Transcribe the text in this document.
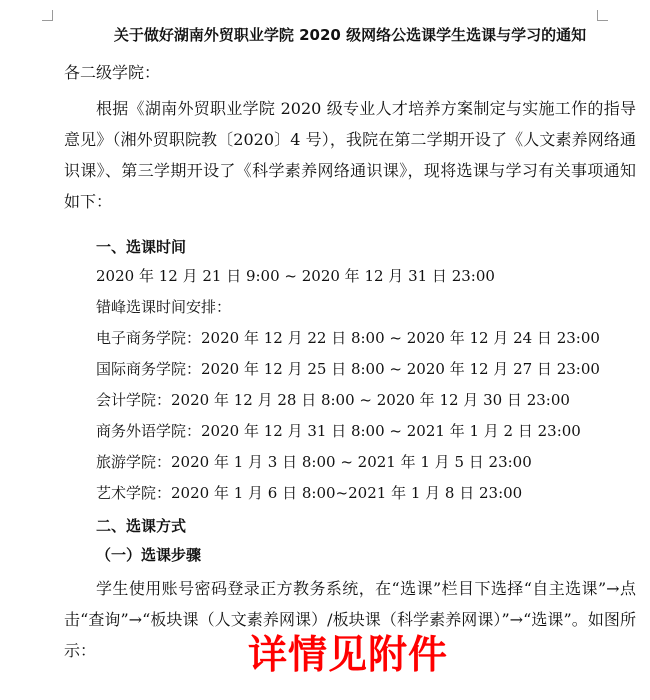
关于做好湖南外贸职业学院 2020 级网络公选课学生选课与学习的通知
各二级学院：

根据《湖南外贸职业学院 2020 级专业人才培养方案制定与实施工作的指导意见》（湘外贸职院教〔2020〕4 号），我院在第二学期开设了《人文素养网络通识课》、第三学期开设了《科学素养网络通识课》，现将选课与学习有关事项通知如下：

一、选课时间
2020 年 12 月 21 日 9:00 ~ 2020 年 12 月 31 日 23:00
错峰选课时间安排：
电子商务学院：2020 年 12 月 22 日 8:00 ~ 2020 年 12 月 24 日 23:00
国际商务学院：2020 年 12 月 25 日 8:00 ~ 2020 年 12 月 27 日 23:00
会计学院：2020 年 12 月 28 日 8:00 ~ 2020 年 12 月 30 日 23:00
商务外语学院：2020 年 12 月 31 日 8:00 ~ 2021 年 1 月 2 日 23:00
旅游学院：2020 年 1 月 3 日 8:00 ~ 2021 年 1 月 5 日 23:00
艺术学院：2020 年 1 月 6 日 8:00~2021 年 1 月 8 日 23:00
二、选课方式
（一）选课步骤

学生使用账号密码登录正方教务系统，在“选课”栏目下选择“自主选课”→点击“查询”→“板块课（人文素养网课）/板块课（科学素养网课）”→“选课”。如图所示：	详情见附件
